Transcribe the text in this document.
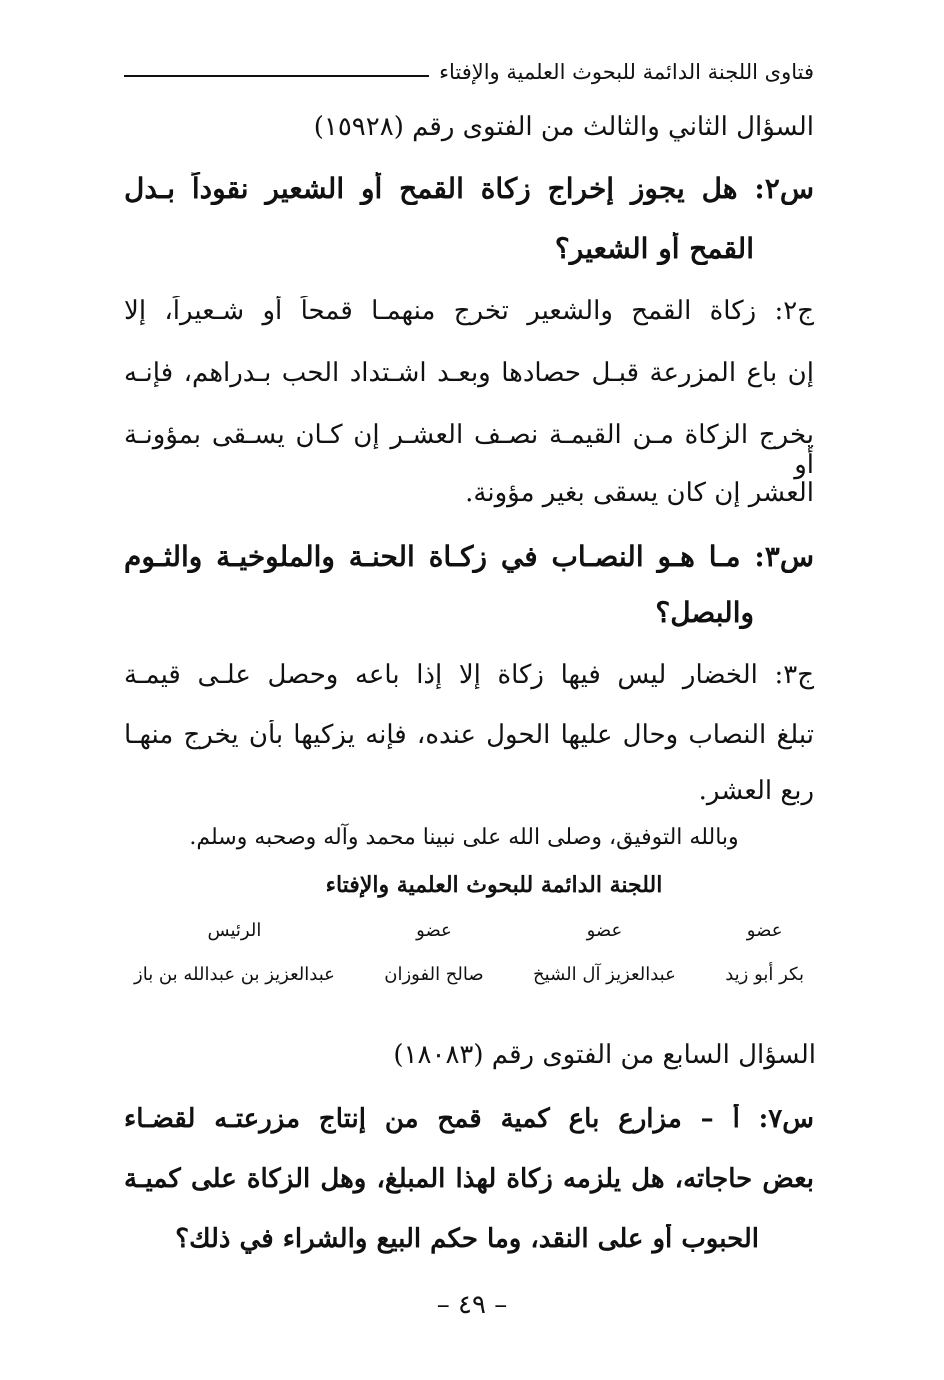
فتاوى اللجنة الدائمة للبحوث العلمية والإفتاء
السؤال الثاني والثالث من الفتوى رقم (١٥٩٢٨)
س٢: هل يجوز إخراج زكاة القمح أو الشعير نقوداً بـدل
القمح أو الشعير؟
ج٢: زكاة القمح والشعير تخرج منهمـا قمحاً أو شـعيراً، إلا
إن باع المزرعة قبـل حصادها وبعـد اشـتداد الحب بـدراهم، فإنـه
يخرج الزكاة مـن القيمـة نصـف العشـر إن كـان يسـقى بمؤونـة أو
العشر إن كان يسقى بغير مؤونة.
س٣: مـا هـو النصـاب في زكـاة الحنـة والملوخيـة والثـوم
والبصل؟
ج٣: الخضار ليس فيها زكاة إلا إذا باعه وحصل علـى قيمـة
تبلغ النصاب وحال عليها الحول عنده، فإنه يزكيها بأن يخرج منهـا
ربع العشر.
وبالله التوفيق، وصلى الله على نبينا محمد وآله وصحبه وسلم.
اللجنة الدائمة للبحوث العلمية والإفتاء
عضو
بكر أبو زيد
عضو
عبدالعزيز آل الشيخ
عضو
صالح الفوزان
الرئيس
عبدالعزيز بن عبدالله بن باز
السؤال السابع من الفتوى رقم (١٨٠٨٣)
س٧: أ – مزارع باع كمية قمح من إنتاج مزرعتـه لقضـاء
بعض حاجاته، هل يلزمه زكاة لهذا المبلغ، وهل الزكاة على كميـة
الحبوب أو على النقد، وما حكم البيع والشراء في ذلك؟
– ٤٩ –
